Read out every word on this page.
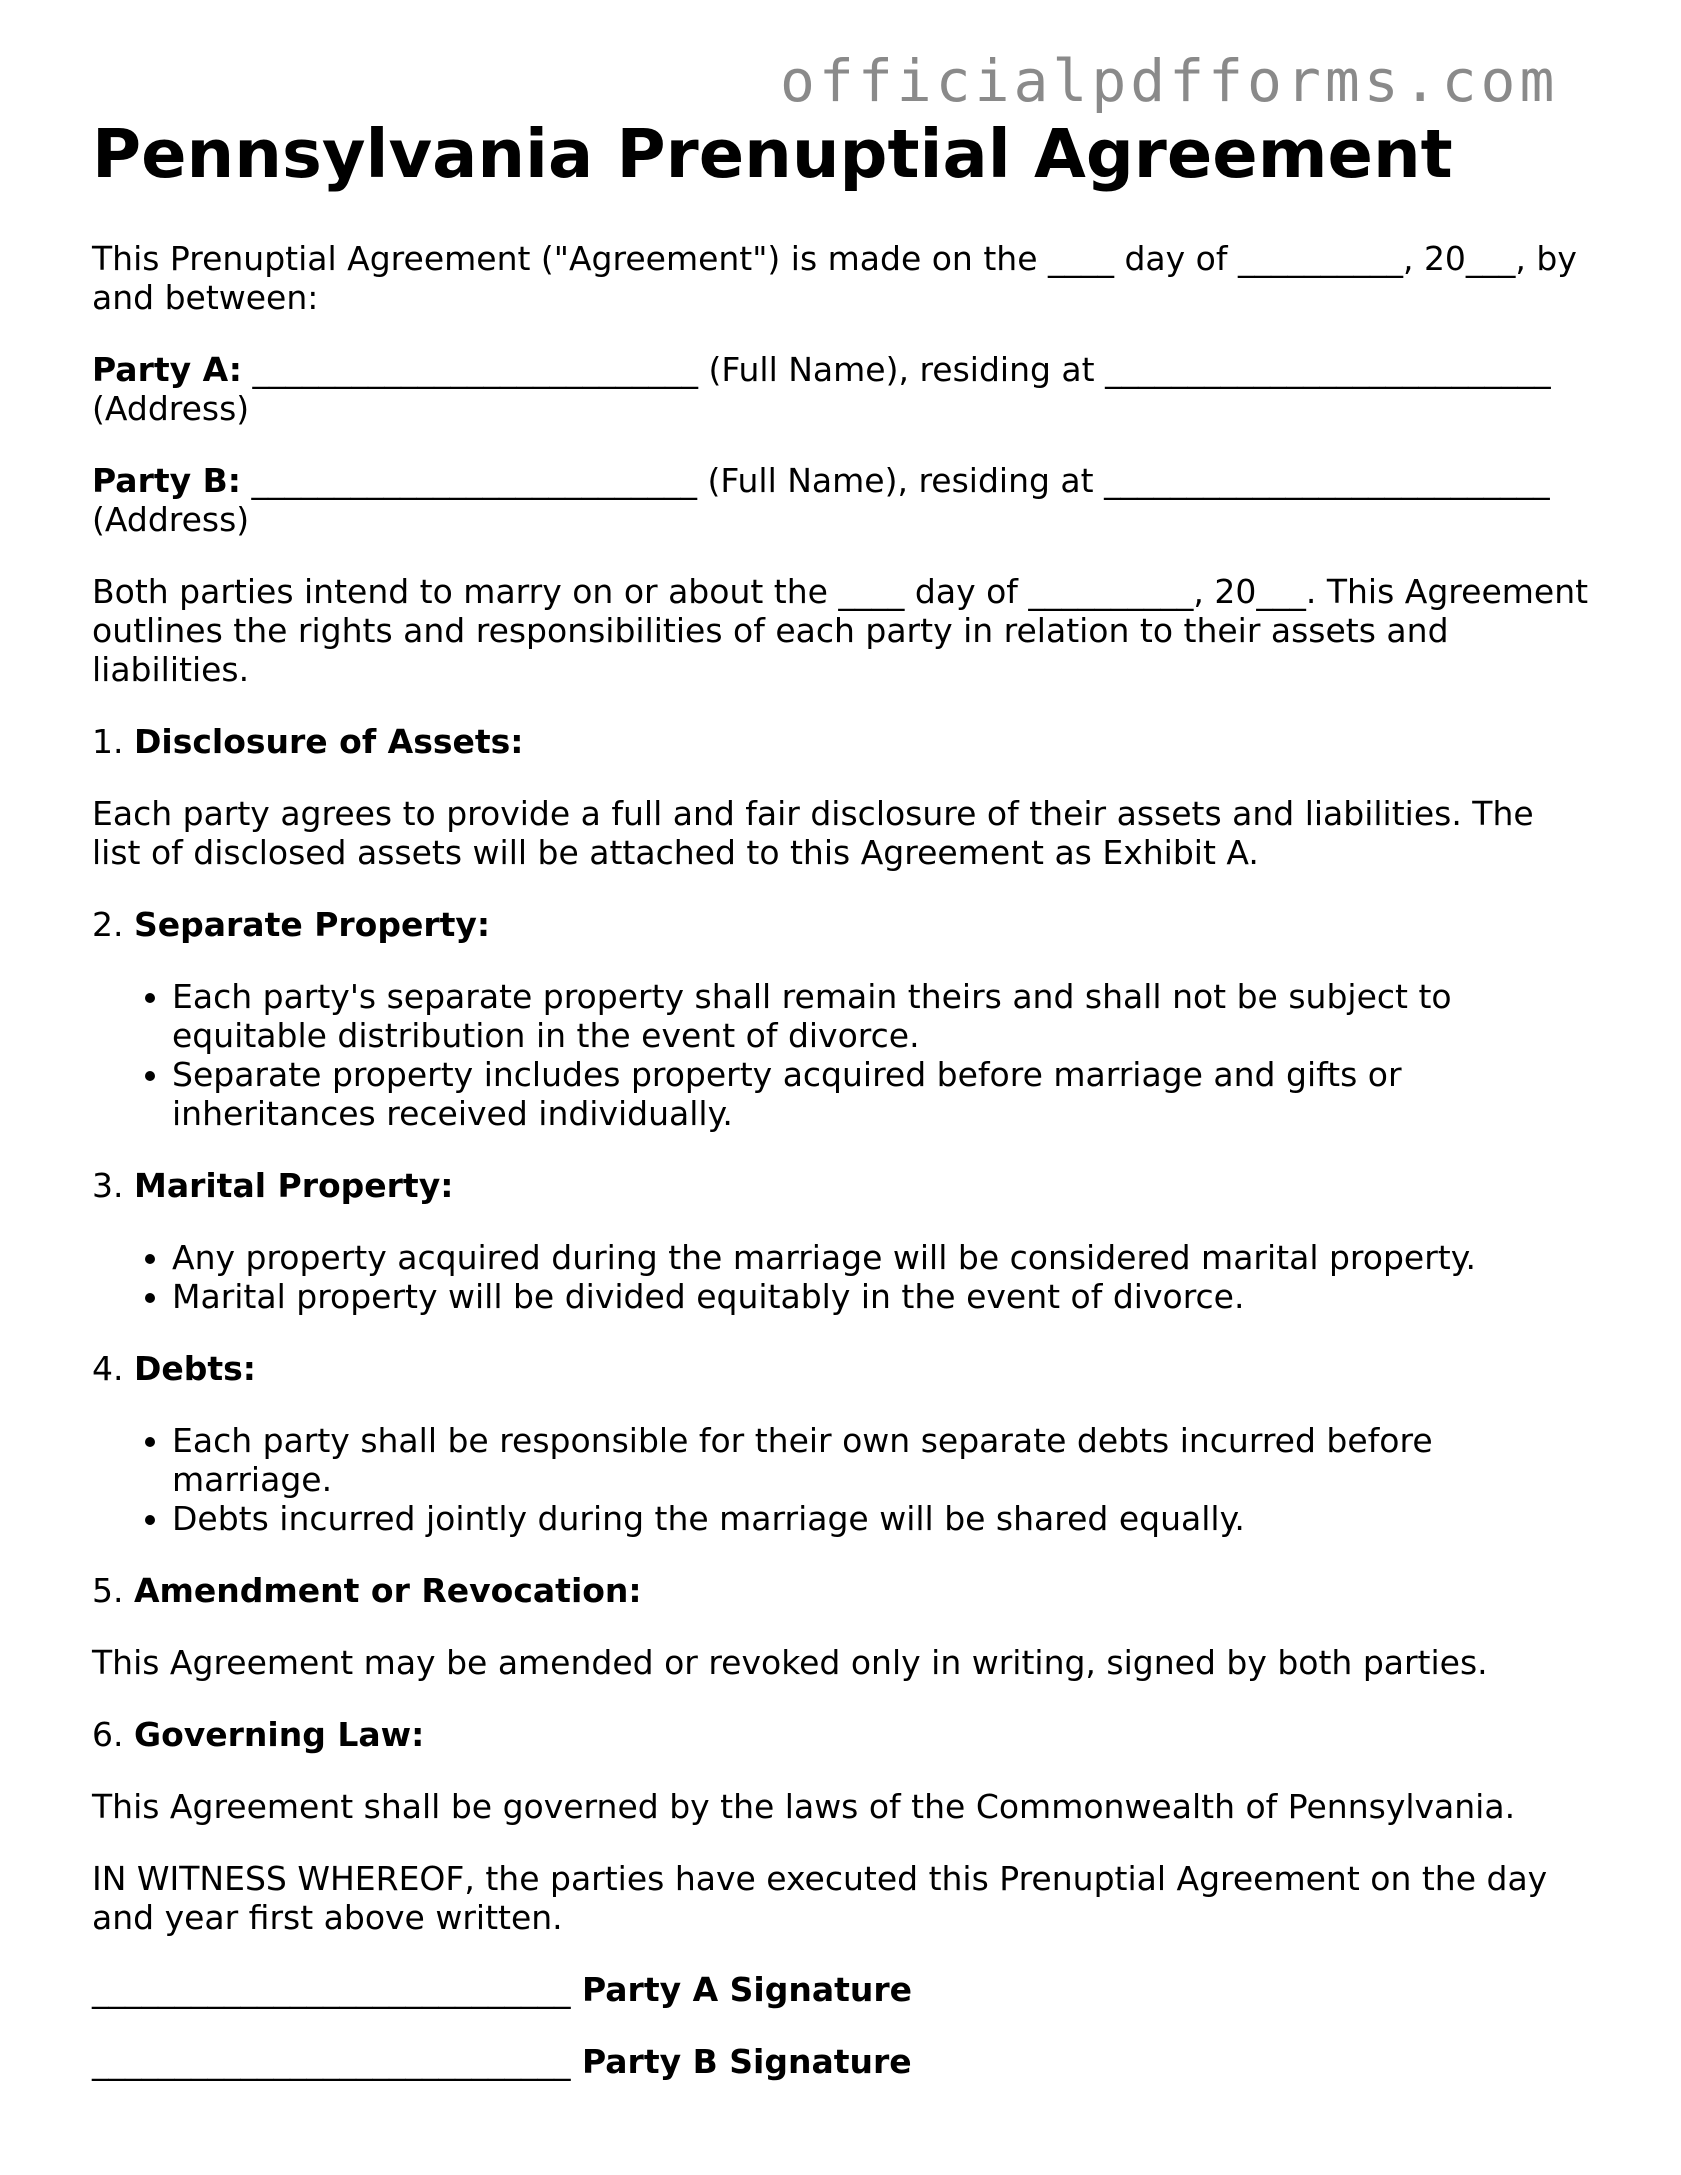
officialpdfforms.com
Pennsylvania Prenuptial Agreement

This Prenuptial Agreement ("Agreement") is made on the ____ day of __________, 20___, by and between:

Party A: ___________________________ (Full Name), residing at ___________________________ (Address)

Party B: ___________________________ (Full Name), residing at ___________________________ (Address)

Both parties intend to marry on or about the ____ day of __________, 20___. This Agreement outlines the rights and responsibilities of each party in relation to their assets and liabilities.

1. Disclosure of Assets:

Each party agrees to provide a full and fair disclosure of their assets and liabilities. The list of disclosed assets will be attached to this Agreement as Exhibit A.

2. Separate Property:

• Each party's separate property shall remain theirs and shall not be subject to equitable distribution in the event of divorce.
• Separate property includes property acquired before marriage and gifts or inheritances received individually.

3. Marital Property:

• Any property acquired during the marriage will be considered marital property.
• Marital property will be divided equitably in the event of divorce.

4. Debts:

• Each party shall be responsible for their own separate debts incurred before marriage.
• Debts incurred jointly during the marriage will be shared equally.

5. Amendment or Revocation:

This Agreement may be amended or revoked only in writing, signed by both parties.

6. Governing Law:

This Agreement shall be governed by the laws of the Commonwealth of Pennsylvania.

IN WITNESS WHEREOF, the parties have executed this Prenuptial Agreement on the day and year first above written.

_____________________________ Party A Signature

_____________________________ Party B Signature
